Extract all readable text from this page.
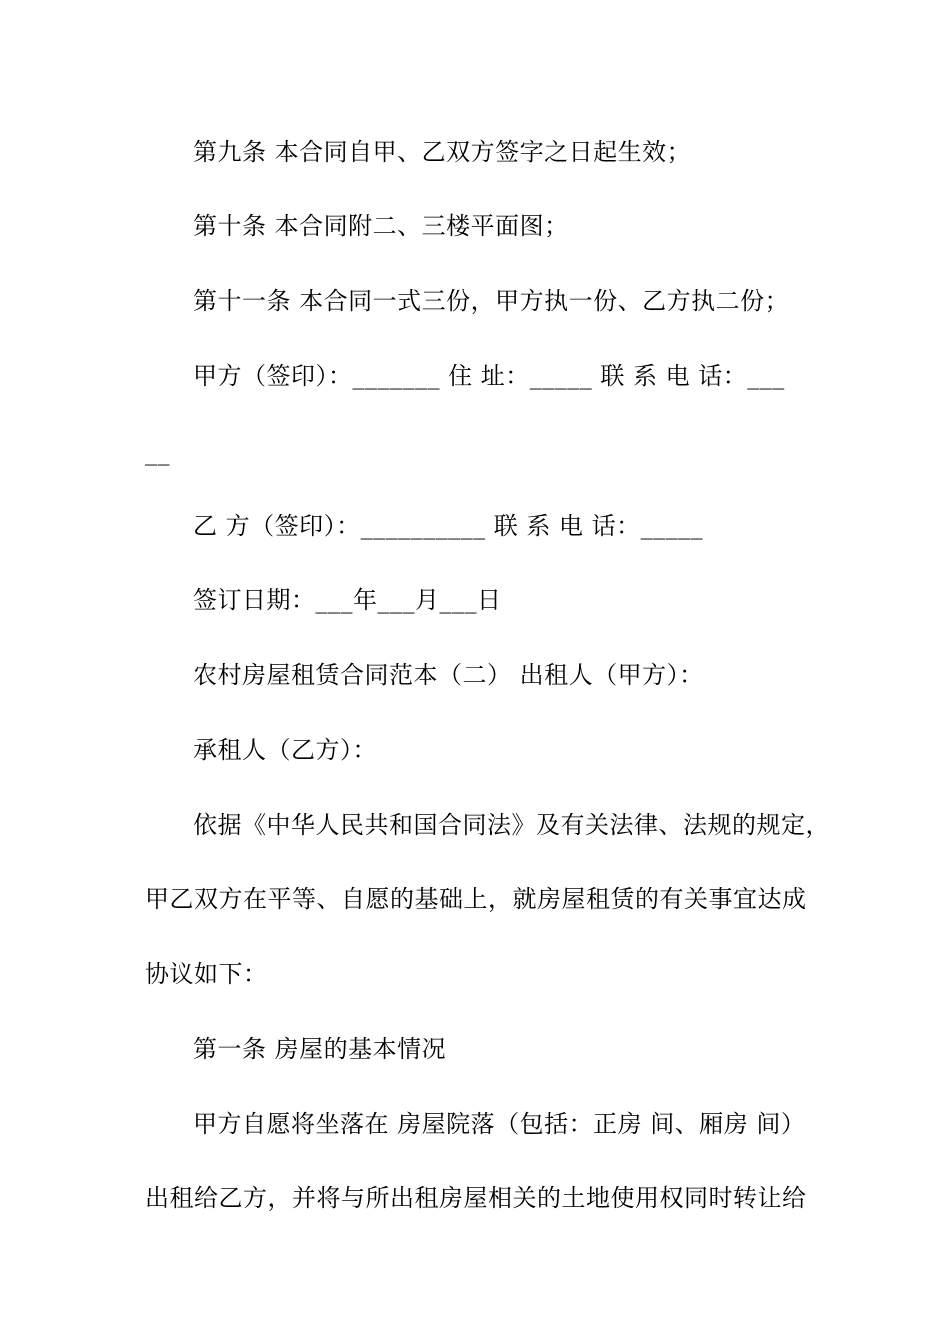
第九条 本合同自甲、乙双方签字之日起生效；
第十条 本合同附二、三楼平面图；
第十一条 本合同一式三份，甲方执一份、乙方执二份；
甲方（签印）：_______ 住 址：_____ 联 系 电 话：___
__
乙 方（签印）：__________ 联 系 电 话：_____
签订日期：___年___月___日
农村房屋租赁合同范本（二） 出租人（甲方）：
承租人（乙方）：
依据《中华人民共和国合同法》及有关法律、法规的规定，
甲乙双方在平等、自愿的基础上，就房屋租赁的有关事宜达成
协议如下：
第一条 房屋的基本情况
甲方自愿将坐落在 房屋院落（包括：正房 间、厢房 间）
出租给乙方，并将与所出租房屋相关的土地使用权同时转让给
